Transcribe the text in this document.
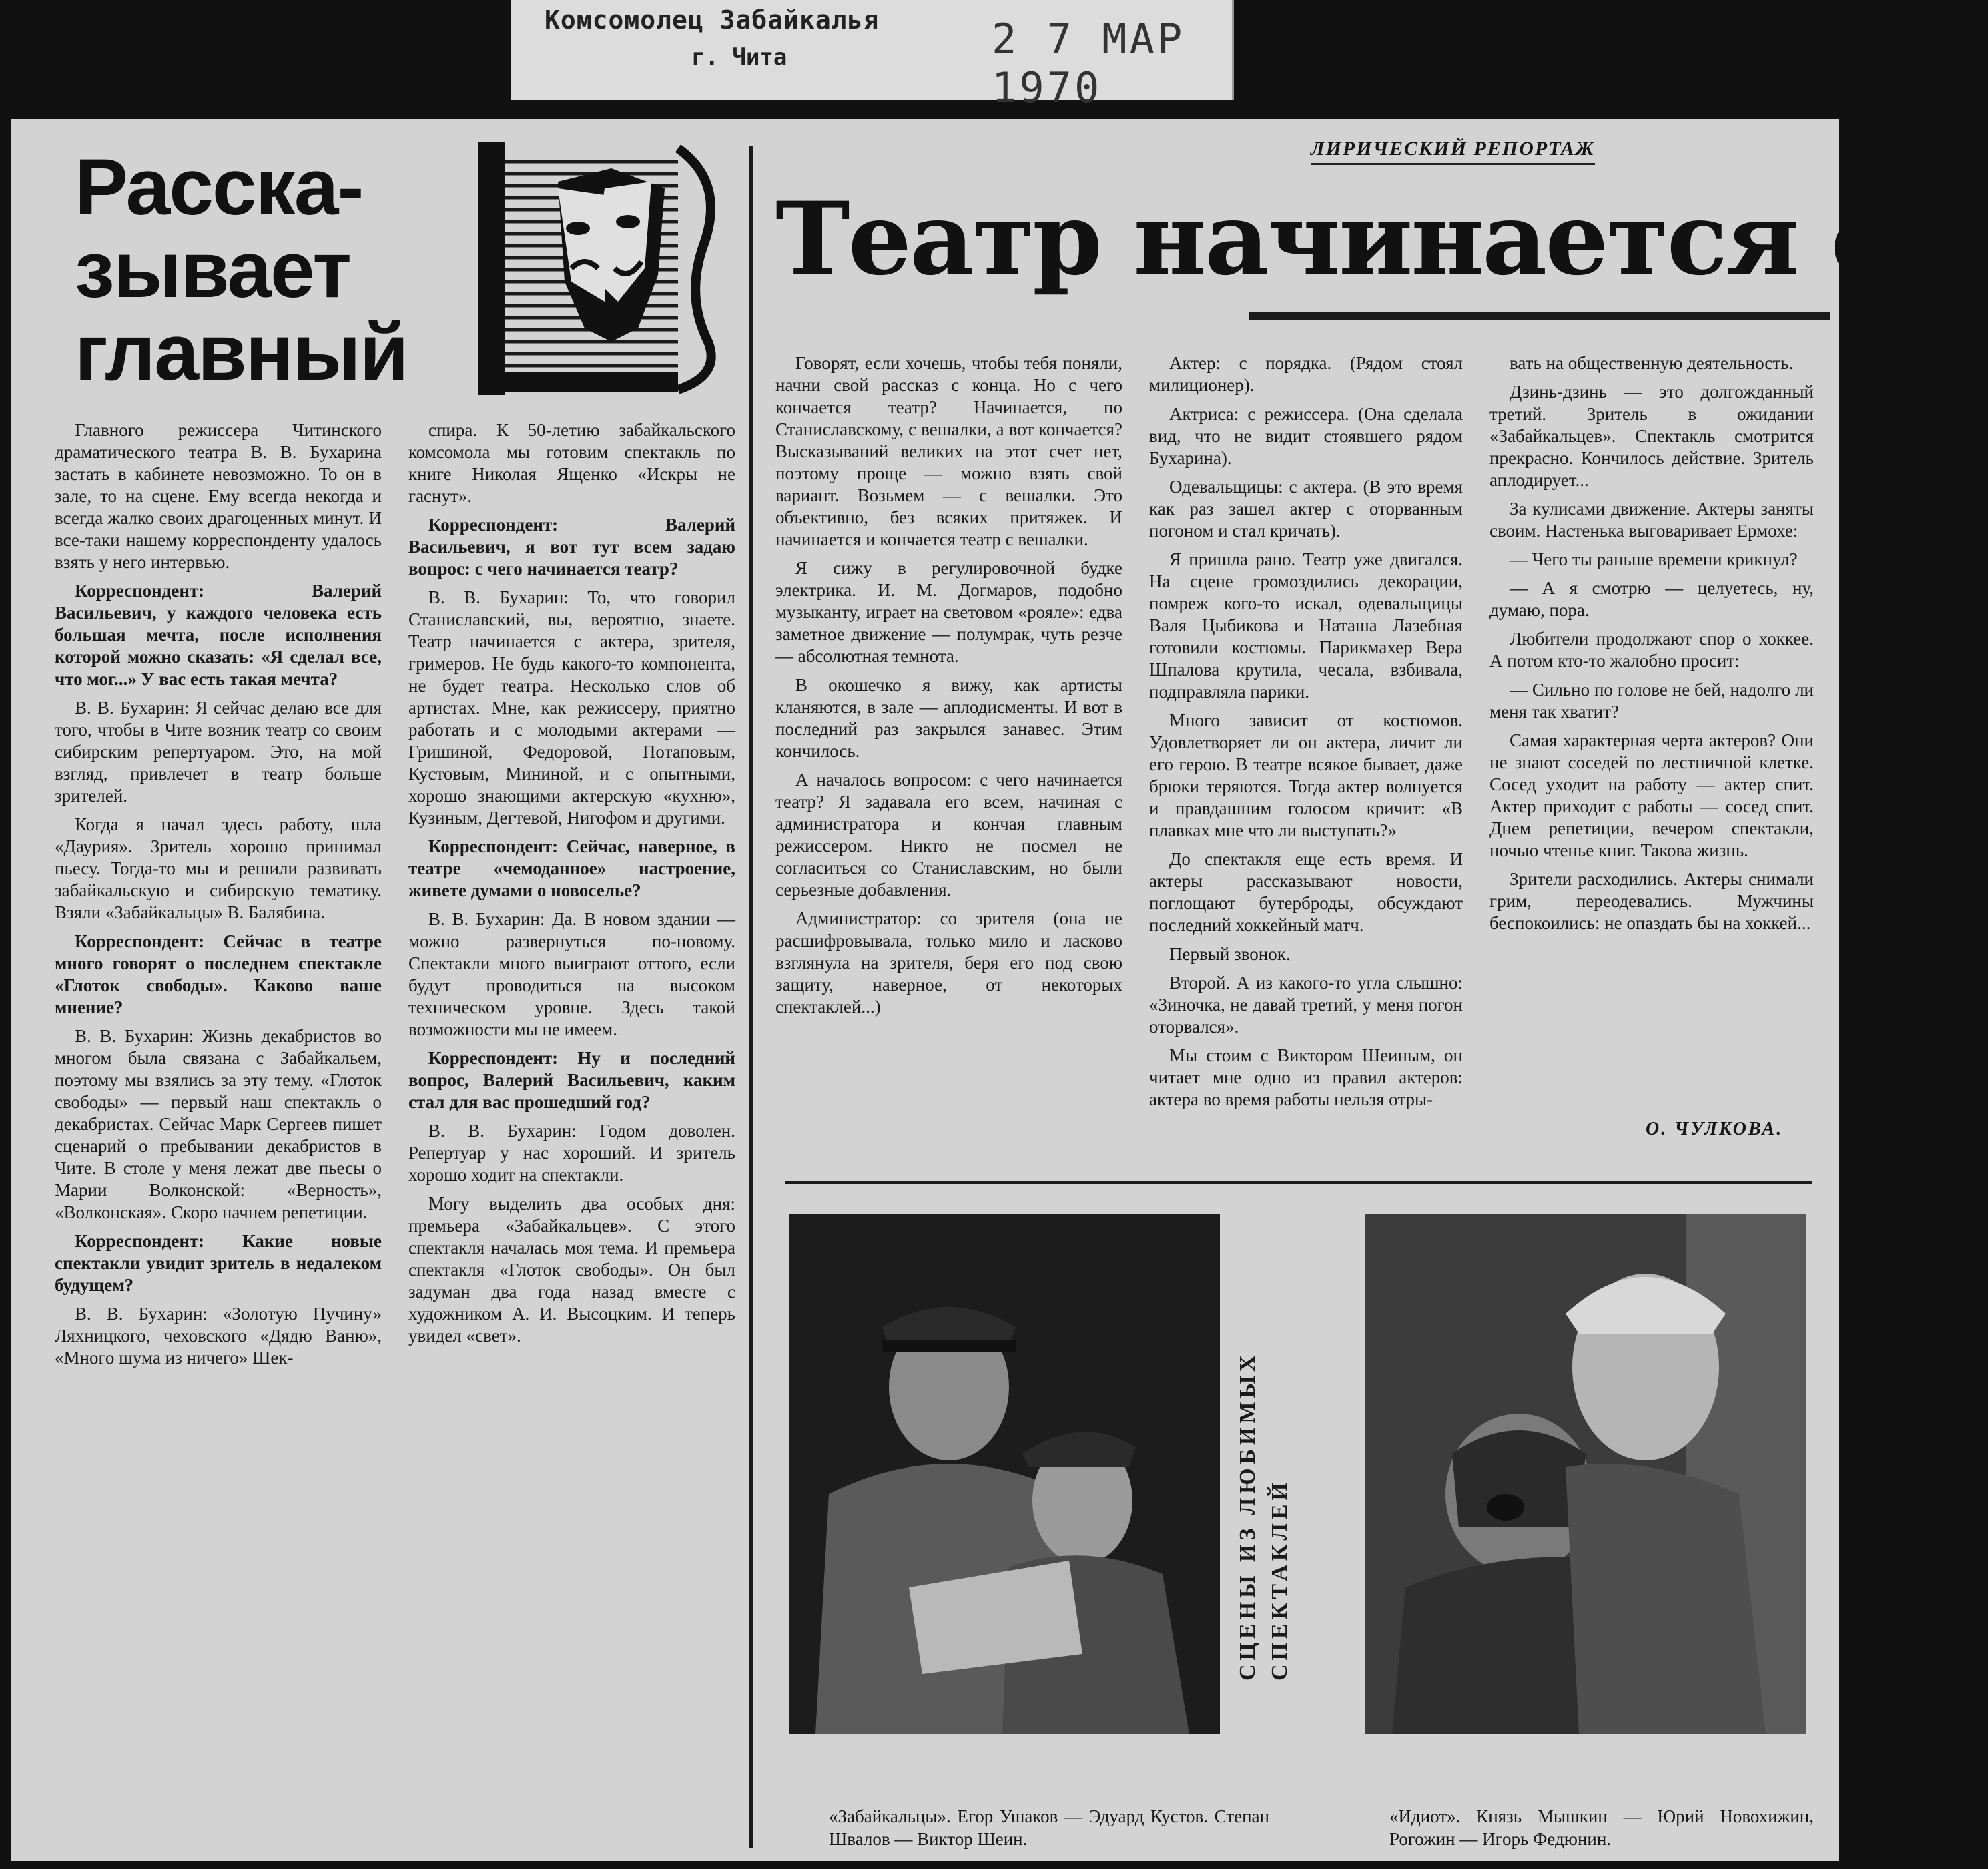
Комсомолец Забайкалья
г. Чита	2 7 МАР 1970
Рассказывает главный

Главного режиссера Читинского драматического театра В. В. Бухарина застать в кабинете невозможно. То он в зале, то на сцене. Ему всегда некогда и всегда жалко своих драгоценных минут. И все-таки нашему корреспонденту удалось взять у него интервью.

Корреспондент: Валерий Васильевич, у каждого человека есть большая мечта, после исполнения которой можно сказать: «Я сделал все, что мог...» У вас есть такая мечта?

В. В. Бухарин: Я сейчас делаю все для того, чтобы в Чите возник театр со своим сибирским репертуаром. Это, на мой взгляд, привлечет в театр больше зрителей.

Когда я начал здесь работу, шла «Даурия». Зритель хорошо принимал пьесу. Тогда-то мы и решили развивать забайкальскую и сибирскую тематику. Взяли «Забайкальцы» В. Балябина.

Корреспондент: Сейчас в театре много говорят о последнем спектакле «Глоток свободы». Каково ваше мнение?

В. В. Бухарин: Жизнь декабристов во многом была связана с Забайкальем, поэтому мы взялись за эту тему. «Глоток свободы» — первый наш спектакль о декабристах. Сейчас Марк Сергеев пишет сценарий о пребывании декабристов в Чите. В столе у меня лежат две пьесы о Марии Волконской: «Верность», «Волконская». Скоро начнем репетиции.

Корреспондент: Какие новые спектакли увидит зритель в недалеком будущем?

В. В. Бухарин: «Золотую Пучину» Ляхницкого, чеховского «Дядю Ваню», «Много шума из ничего» Шек-

спира. К 50-летию забайкальского комсомола мы готовим спектакль по книге Николая Ященко «Искры не гаснут».

Корреспондент: Валерий Васильевич, я вот тут всем задаю вопрос: с чего начинается театр?

В. В. Бухарин: То, что говорил Станиславский, вы, вероятно, знаете. Театр начинается с актера, зрителя, гримеров. Не будь какого-то компонента, не будет театра. Несколько слов об артистах. Мне, как режиссеру, приятно работать и с молодыми актерами — Гришиной, Федоровой, Потаповым, Кустовым, Мининой, и с опытными, хорошо знающими актерскую «кухню», Кузиным, Дегтевой, Нигофом и другими.

Корреспондент: Сейчас, наверное, в театре «чемоданное» настроение, живете думами о новоселье?

В. В. Бухарин: Да. В новом здании — можно развернуться по-новому. Спектакли много выиграют оттого, если будут проводиться на высоком техническом уровне. Здесь такой возможности мы не имеем.

Корреспондент: Ну и последний вопрос, Валерий Васильевич, каким стал для вас прошедший год?

В. В. Бухарин: Годом доволен. Репертуар у нас хороший. И зритель хорошо ходит на спектакли.

Могу выделить два особых дня: премьера «Забайкальцев». С этого спектакля началась моя тема. И премьера спектакля «Глоток свободы». Он был задуман два года назад вместе с художником А. И. Высоцким. И теперь увидел «свет».

ЛИРИЧЕСКИЙ РЕПОРТАЖ
Театр начинается с...

Говорят, если хочешь, чтобы тебя поняли, начни свой рассказ с конца. Но с чего кончается театр? Начинается, по Станиславскому, с вешалки, а вот кончается? Высказываний великих на этот счет нет, поэтому проще — можно взять свой вариант. Возьмем — с вешалки. Это объективно, без всяких притяжек. И начинается и кончается театр с вешалки.

Я сижу в регулировочной будке электрика. И. М. Догмаров, подобно музыканту, играет на световом «рояле»: едва заметное движение — полумрак, чуть резче — абсолютная темнота.

В окошечко я вижу, как артисты кланяются, в зале — аплодисменты. И вот в последний раз закрылся занавес. Этим кончилось.

А началось вопросом: с чего начинается театр? Я задавала его всем, начиная с администратора и кончая главным режиссером. Никто не посмел не согласиться со Станиславским, но были серьезные добавления.

Администратор: со зрителя (она не расшифровывала, только мило и ласково взглянула на зрителя, беря его под свою защиту, наверное, от некоторых спектаклей...)

Актер: с порядка. (Рядом стоял милиционер).

Актриса: с режиссера. (Она сделала вид, что не видит стоявшего рядом Бухарина).

Одевальщицы: с актера. (В это время как раз зашел актер с оторванным погоном и стал кричать).

Я пришла рано. Театр уже двигался. На сцене громоздились декорации, помреж кого-то искал, одевальщицы Валя Цыбикова и Наташа Лазебная готовили костюмы. Парикмахер Вера Шпалова крутила, чесала, взбивала, подправляла парики.

Много зависит от костюмов. Удовлетворяет ли он актера, личит ли его герою. В театре всякое бывает, даже брюки теряются. Тогда актер волнуется и правдашним голосом кричит: «В плавках мне что ли выступать?»

До спектакля еще есть время. И актеры рассказывают новости, поглощают бутерброды, обсуждают последний хоккейный матч.

Первый звонок.

Второй. А из какого-то угла слышно: «Зиночка, не давай третий, у меня погон оторвался».

Мы стоим с Виктором Шеиным, он читает мне одно из правил актеров: актера во время работы нельзя отры-

вать на общественную деятельность.

Дзинь-дзинь — это долгожданный третий. Зритель в ожидании «Забайкальцев». Спектакль смотрится прекрасно. Кончилось действие. Зритель аплодирует...

За кулисами движение. Актеры заняты своим. Настенька выговаривает Ермохе:

— Чего ты раньше времени крикнул?

— А я смотрю — целуетесь, ну, думаю, пора.

Любители продолжают спор о хоккее. А потом кто-то жалобно просит:

— Сильно по голове не бей, надолго ли меня так хватит?

Самая характерная черта актеров? Они не знают соседей по лестничной клетке. Сосед уходит на работу — актер спит. Актер приходит с работы — сосед спит. Днем репетиции, вечером спектакли, ночью чтенье книг. Такова жизнь.

Зрители расходились. Актеры снимали грим, переодевались. Мужчины беспокоились: не опаздать бы на хоккей...

О. ЧУЛКОВА.
СЦЕНЫ ИЗ ЛЮБИМЫХ СПЕКТАКЛЕЙ
«Забайкальцы». Егор Ушаков — Эдуард Кустов. Степан Швалов — Виктор Шеин.
«Идиот». Князь Мышкин — Юрий Новохижин, Рогожин — Игорь Федюнин.
